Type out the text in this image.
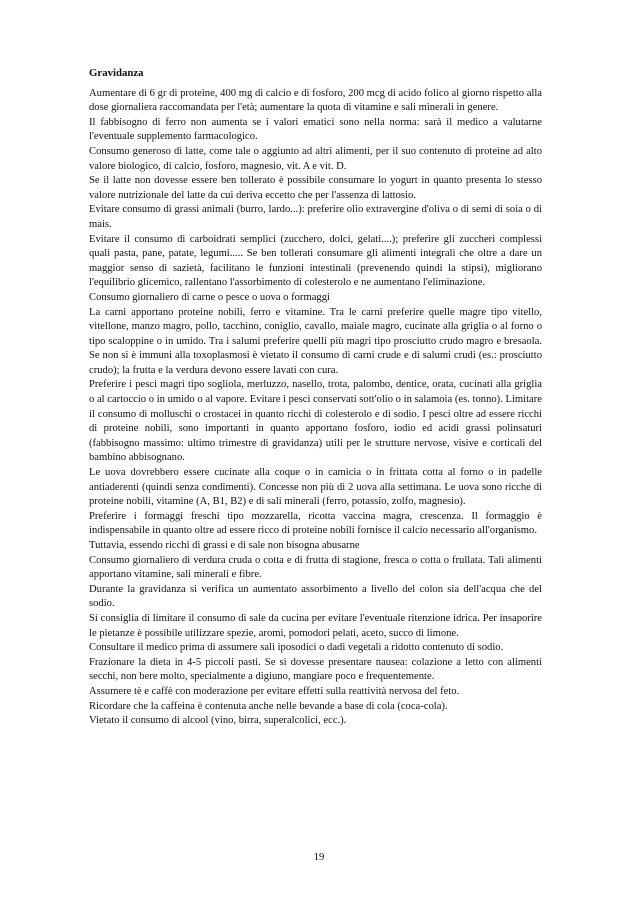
Gravidanza

Aumentare di 6 gr di proteine, 400 mg di calcio e di fosforo, 200 mcg di acido folico al giorno rispetto alla dose giornaliera raccomandata per l'età; aumentare la quota di vitamine e sali minerali in genere.

Il fabbisogno di ferro non aumenta se i valori ematici sono nella norma: sarà il medico a valutarne l'eventuale supplemento farmacologico.

Consumo generoso di latte, come tale o aggiunto ad altri alimenti, per il suo contenuto di proteine ad alto valore biologico, di calcio, fosforo, magnesio, vit. A e vit. D.

Se il latte non dovesse essere ben tollerato è possibile consumare lo yogurt in quanto presenta lo stesso valore nutrizionale del latte da cui deriva eccetto che per l'assenza di lattosio.

Evitare consumo di grassi animali (burro, lardo...): preferire olio extravergine d'oliva o di semi di soia o di mais.

Evitare il consumo di carboidrati semplici (zucchero, dolci, gelati....); preferire gli zuccheri complessi quali pasta, pane, patate, legumi..... Se ben tollerati consumare gli alimenti integrali che oltre a dare un maggior senso di sazietà, facilitano le funzioni intestinali (prevenendo quindi la stipsi), migliorano l'equilibrio glicemico, rallentano l'assorbimento di colesterolo e ne aumentano l'eliminazione.

Consumo giornaliero di carne o pesce o uova o formaggi

La carni apportano proteine nobili, ferro e vitamine. Tra le carni preferire quelle magre tipo vitello, vitellone, manzo magro, pollo, tacchino, coniglio, cavallo, maiale magro, cucinate alla griglia o al forno o tipo scaloppine o in umido. Tra i salumi preferire quelli più magri tipo prosciutto crudo magro e bresaola. Se non si è immuni alla toxoplasmosi è vietato il consumo di carni crude e di salumi crudi (es.: prosciutto crudo); la frutta e la verdura devono essere lavati con cura.

Preferire i pesci magri tipo sogliola, merluzzo, nasello, trota, palombo, dentice, orata, cucinati alla griglia o al cartoccio o in umido o al vapore. Evitare i pesci conservati sott'olio o in salamoia (es. tonno). Limitare il consumo di molluschi o crostacei in quanto ricchi di colesterolo e di sodio. I pesci oltre ad essere ricchi di proteine nobili, sono importanti in quanto apportano fosforo, iodio ed acidi grassi polinsaturi (fabbisogno massimo: ultimo trimestre di gravidanza) utili per le strutture nervose, visive e corticali del bambino abbisognano.

Le uova dovrebbero essere cucinate alla coque o in camicia o in frittata cotta al forno o in padelle antiaderenti (quindi senza condimenti). Concesse non più di 2 uova alla settimana. Le uova sono ricche di proteine nobili, vitamine (A, B1, B2) e di sali minerali (ferro, potassio, zolfo, magnesio).

Preferire i formaggi freschi tipo mozzarella, ricotta vaccina magra, crescenza. Il formaggio è indispensabile in quanto oltre ad essere ricco di proteine nobili fornisce il calcio necessario all'organismo.

Tuttavia, essendo ricchi di grassi e di sale non bisogna abusarne

Consumo giornaliero di verdura cruda o cotta e di frutta di stagione, fresca o cotta o frullata. Tali alimenti apportano vitamine, sali minerali e fibre.

Durante la gravidanza si verifica un aumentato assorbimento a livello del colon sia dell'acqua che del sodio.

Si consiglia di limitare il consumo di sale da cucina per evitare l'eventuale ritenzione idrica. Per insaporire le pietanze è possibile utilizzare spezie, aromi, pomodori pelati, aceto, succo di limone.

Consultare il medico prima di assumere sali iposodici o dadi vegetali a ridotto contenuto di sodio.

Frazionare la dieta in 4-5 piccoli pasti. Se si dovesse presentare nausea: colazione a letto con alimenti secchi, non bere molto, specialmente a digiuno, mangiare poco e frequentemente.

Assumere tè e caffè con moderazione per evitare effetti sulla reattività nervosa del feto.

Ricordare che la caffeina è contenuta anche nelle bevande a base di cola (coca-cola).

Vietato il consumo di alcool (vino, birra, superalcolici, ecc.).

19
